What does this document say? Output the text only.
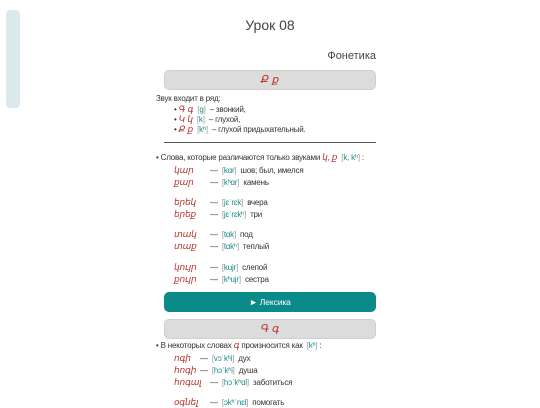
Урок 08
Фонетика
Ք ք
Звук входит в ряд:
• Գ գ [g] – звонкий,
• Կ կ [k] – глухой,
• Ք ք [kʰ] – глухой придыхательный.
• Слова, которые различаются только звуками կ, ք [k, kʰ] :
կար —  [kɑr] шов; был, имелся
քար —  [kʰɑr] камень
երեկ —  [jɛˈrɛk] вчера
երեք —  [jɛˈrɛkʰ] три
տակ —  [tɑk] под
տաք —  [tɑkʰ] теплый
կույր —  [kujr] слепой
քույր —  [kʰujr] сестра
► Лексика
Գ գ
• В некоторых словах գ произносится как [kʰ] :
ոգի —  [vɔˈkʰi] дух
հոգի —  [hɔˈkʰi] душа
հոգալ —  [hɔˈkʰɑl] заботиться
օգնել —  [ɔkʰˈnɛl] помогать
